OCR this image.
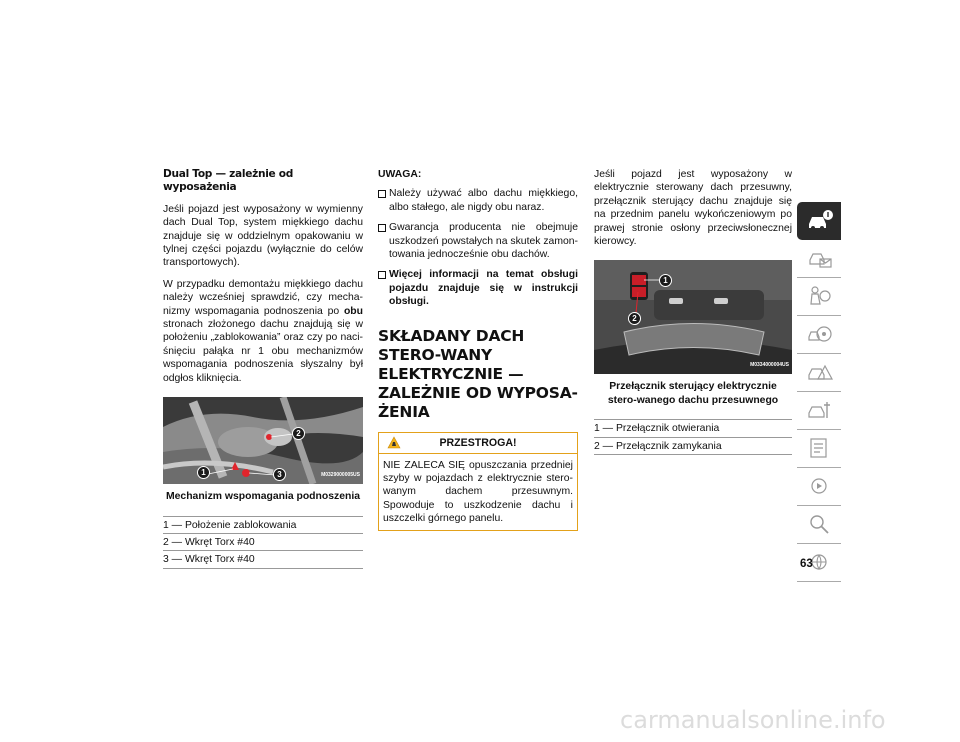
Dual Top — zależnie od wyposażenia

Jeśli pojazd jest wyposażony w wymienny dach Dual Top, system miękkiego dachu znajduje się w oddzielnym opakowaniu w tylnej części pojazdu (wyłącznie do celów transportowych).

W przypadku demontażu miękkiego dachu należy wcześniej sprawdzić, czy mecha-nizmy wspomagania podnoszenia po obu stronach złożonego dachu znajdują się w położeniu „zablokowania” oraz czy po naci-śnięciu pałąka nr 1 obu mechanizmów wspomagania podnoszenia słyszalny był odgłos kliknięcia.

1
2
3	M0329000005US
Mechanizm wspomagania podnoszenia
1 — Położenie zablokowania
2 — Wkręt Torx #40
3 — Wkręt Torx #40
UWAGA:
Należy używać albo dachu miękkiego, albo stałego, ale nigdy obu naraz.
Gwarancja producenta nie obejmuje uszkodzeń powstałych na skutek zamon-towania jednocześnie obu dachów.
Więcej informacji na temat obsługi pojazdu znajduje się w instrukcji obsługi.
SKŁADANY DACH STERO-WANY ELEKTRYCZNIE — ZALEŻNIE OD WYPOSA-ŻENIA
PRZESTROGA!
NIE ZALECA SIĘ opuszczania przedniej szyby w pojazdach z elektrycznie stero-wanym dachem przesuwnym. Spowoduje to uszkodzenie dachu i uszczelki górnego panelu.

Jeśli pojazd jest wyposażony w elektrycznie sterowany dach przesuwny, przełącznik sterujący dachu znajduje się na przednim panelu wykończeniowym po prawej stronie osłony przeciwsłonecznej kierowcy.

1
2
M0334000004US
Przełącznik sterujący elektrycznie stero-wanego dachu przesuwnego
1 — Przełącznik otwierania
2 — Przełącznik zamykania
63
carmanualsonline.info
